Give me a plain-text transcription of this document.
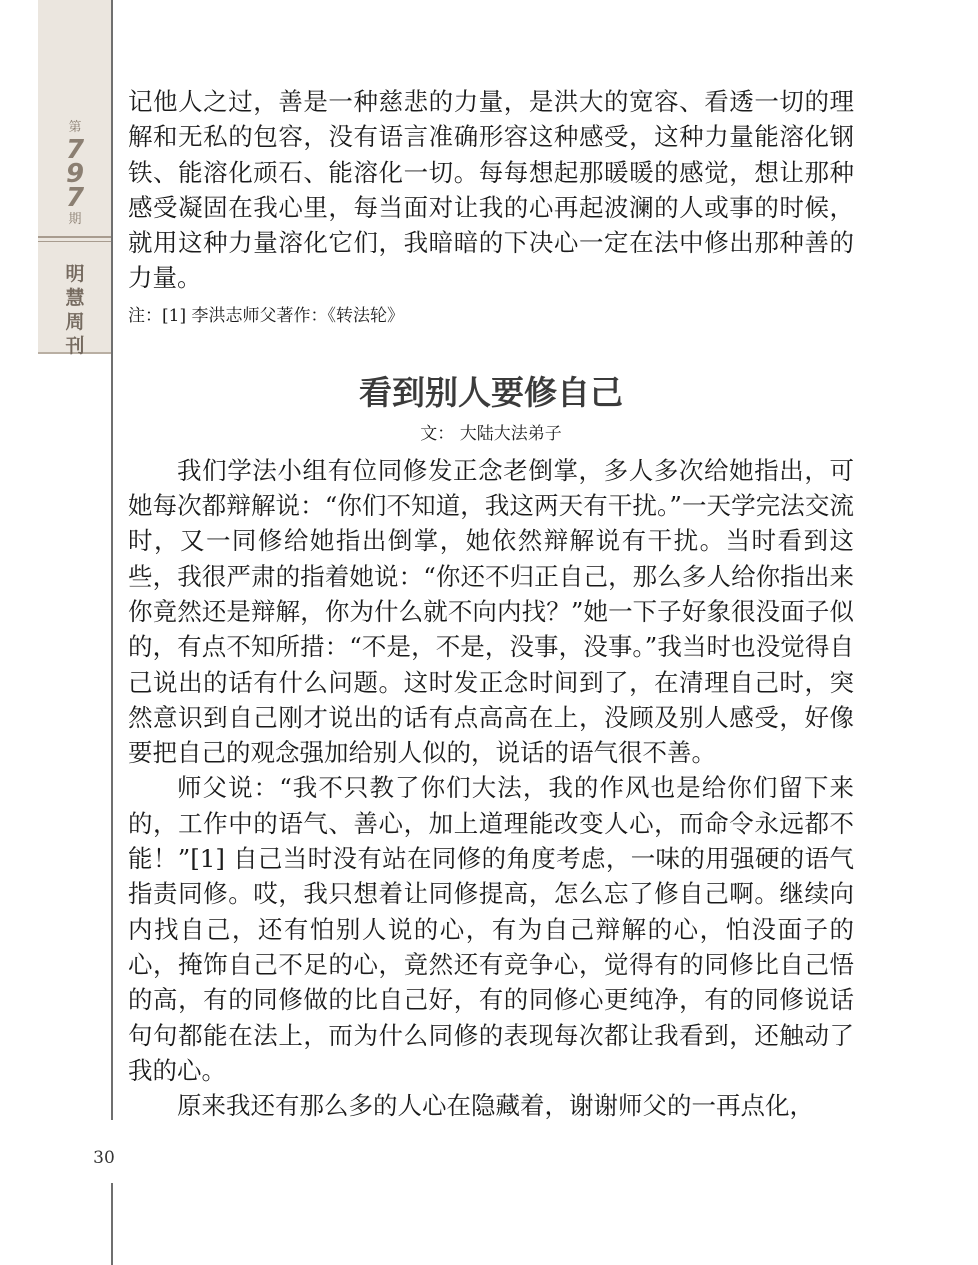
第
7
9
7
期
明
慧
周
刊
30

记他人之过，善是一种慈悲的力量，是洪大的宽容、看透一切的理解和无私的包容，没有语言准确形容这种感受，这种力量能溶化钢铁、能溶化顽石、能溶化一切。每每想起那暖暖的感觉，想让那种感受凝固在我心里，每当面对让我的心再起波澜的人或事的时候，就用这种力量溶化它们，我暗暗的下决心一定在法中修出那种善的力量。

注：[1] 李洪志师父著作：《转法轮》

看到别人要修自己
文： 大陆大法弟子

我们学法小组有位同修发正念老倒掌，多人多次给她指出，可她每次都辩解说：“你们不知道，我这两天有干扰。”一天学完法交流时，又一同修给她指出倒掌，她依然辩解说有干扰。当时看到这些，我很严肃的指着她说：“你还不归正自己，那么多人给你指出来你竟然还是辩解，你为什么就不向内找？”她一下子好象很没面子似的，有点不知所措：“不是，不是，没事，没事。”我当时也没觉得自己说出的话有什么问题。这时发正念时间到了，在清理自己时，突然意识到自己刚才说出的话有点高高在上，没顾及别人感受，好像要把自己的观念强加给别人似的，说话的语气很不善。

师父说：“我不只教了你们大法，我的作风也是给你们留下来的，工作中的语气、善心，加上道理能改变人心，而命令永远都不能！”[1] 自己当时没有站在同修的角度考虑，一味的用强硬的语气指责同修。哎，我只想着让同修提高，怎么忘了修自己啊。继续向内找自己，还有怕别人说的心，有为自己辩解的心，怕没面子的心，掩饰自己不足的心，竟然还有竞争心，觉得有的同修比自己悟的高，有的同修做的比自己好，有的同修心更纯净，有的同修说话句句都能在法上，而为什么同修的表现每次都让我看到，还触动了我的心。

原来我还有那么多的人心在隐藏着，谢谢师父的一再点化，
